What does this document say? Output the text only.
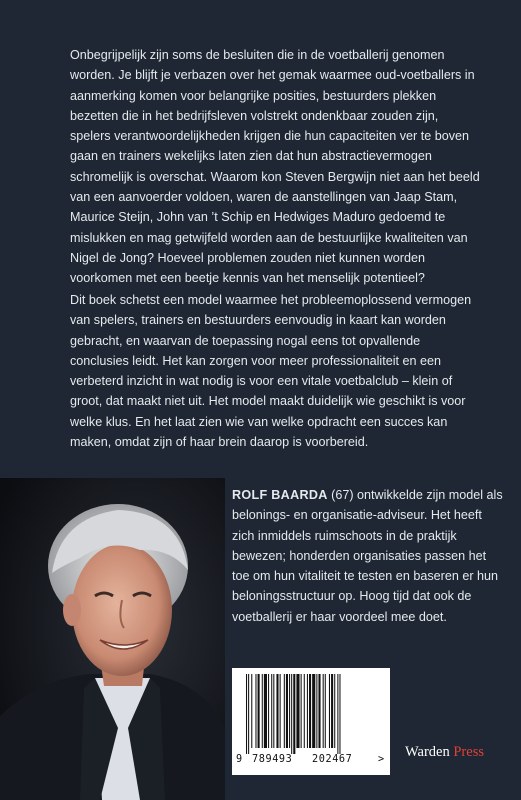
Onbegrijpelijk zijn soms de besluiten die in de voetballerij genomen worden. Je blijft je verbazen over het gemak waarmee oud-voetballers in aanmerking komen voor belangrijke posities, bestuurders plekken bezetten die in het bedrijfsleven volstrekt ondenkbaar zouden zijn, spelers verantwoordelijkheden krijgen die hun capaciteiten ver te boven gaan en trainers wekelijks laten zien dat hun abstractievermogen schromelijk is overschat. Waarom kon Steven Bergwijn niet aan het beeld van een aanvoerder voldoen, waren de aanstellingen van Jaap Stam, Maurice Steijn, John van ’t Schip en Hedwiges Maduro gedoemd te mislukken en mag getwijfeld worden aan de bestuurlijke kwaliteiten van Nigel de Jong? Hoeveel problemen zouden niet kunnen worden voorkomen met een beetje kennis van het menselijk potentieel?

Dit boek schetst een model waarmee het probleemoplossend vermogen van spelers, trainers en bestuurders eenvoudig in kaart kan worden gebracht, en waarvan de toepassing nogal eens tot opvallende conclusies leidt. Het kan zorgen voor meer professionaliteit en een verbeterd inzicht in wat nodig is voor een vitale voetbalclub – klein of groot, dat maakt niet uit. Het model maakt duidelijk wie geschikt is voor welke klus. En het laat zien wie van welke opdracht een succes kan maken, omdat zijn of haar brein daarop is voorbereid.

ROLF BAARDA (67) ontwikkelde zijn model als belonings- en organisatie-adviseur. Het heeft zich inmiddels ruimschoots in de praktijk bewezen; honderden organisaties passen het toe om hun vitaliteit te testen en baseren er hun beloningsstructuur op. Hoog tijd dat ook de voetballerij er haar voordeel mee doet.

9 789493 202467	> Warden Press
